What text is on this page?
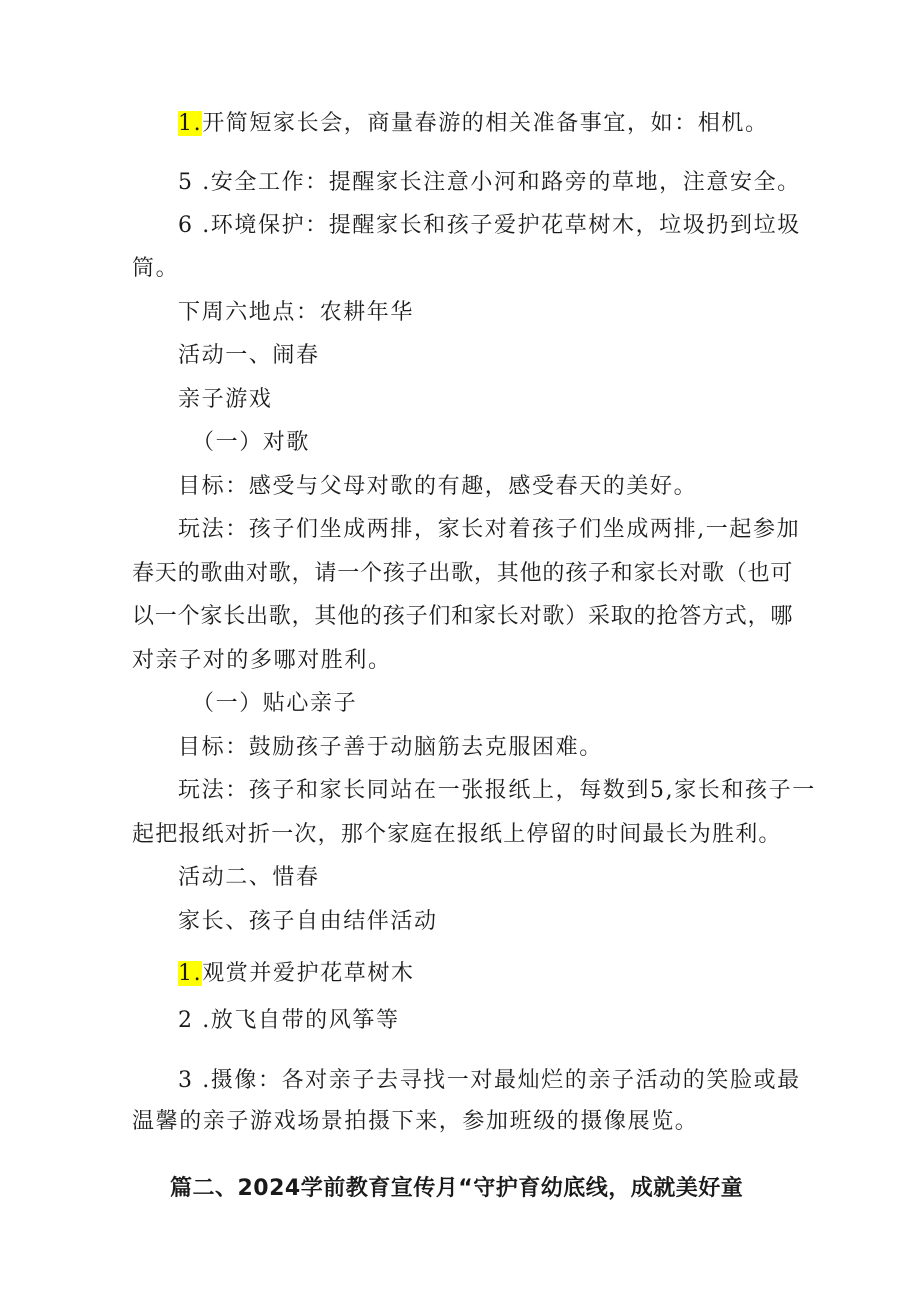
1.开简短家长会，商量春游的相关准备事宜，如：相机。
5 .安全工作：提醒家长注意小河和路旁的草地，注意安全。
6 .环境保护：提醒家长和孩子爱护花草树木，垃圾扔到垃圾
筒。
下周六地点：农耕年华
活动一、闹春
亲子游戏
（一）对歌
目标：感受与父母对歌的有趣，感受春天的美好。
玩法：孩子们坐成两排，家长对着孩子们坐成两排,一起参加
春天的歌曲对歌，请一个孩子出歌，其他的孩子和家长对歌（也可
以一个家长出歌，其他的孩子们和家长对歌）采取的抢答方式，哪
对亲子对的多哪对胜利。
（一）贴心亲子
目标：鼓励孩子善于动脑筋去克服困难。
玩法：孩子和家长同站在一张报纸上，每数到5,家长和孩子一
起把报纸对折一次，那个家庭在报纸上停留的时间最长为胜利。
活动二、惜春
家长、孩子自由结伴活动
1.观赏并爱护花草树木
2 .放飞自带的风筝等
3 .摄像：各对亲子去寻找一对最灿烂的亲子活动的笑脸或最
温馨的亲子游戏场景拍摄下来，参加班级的摄像展览。
篇二、2024学前教育宣传月“守护育幼底线，成就美好童
